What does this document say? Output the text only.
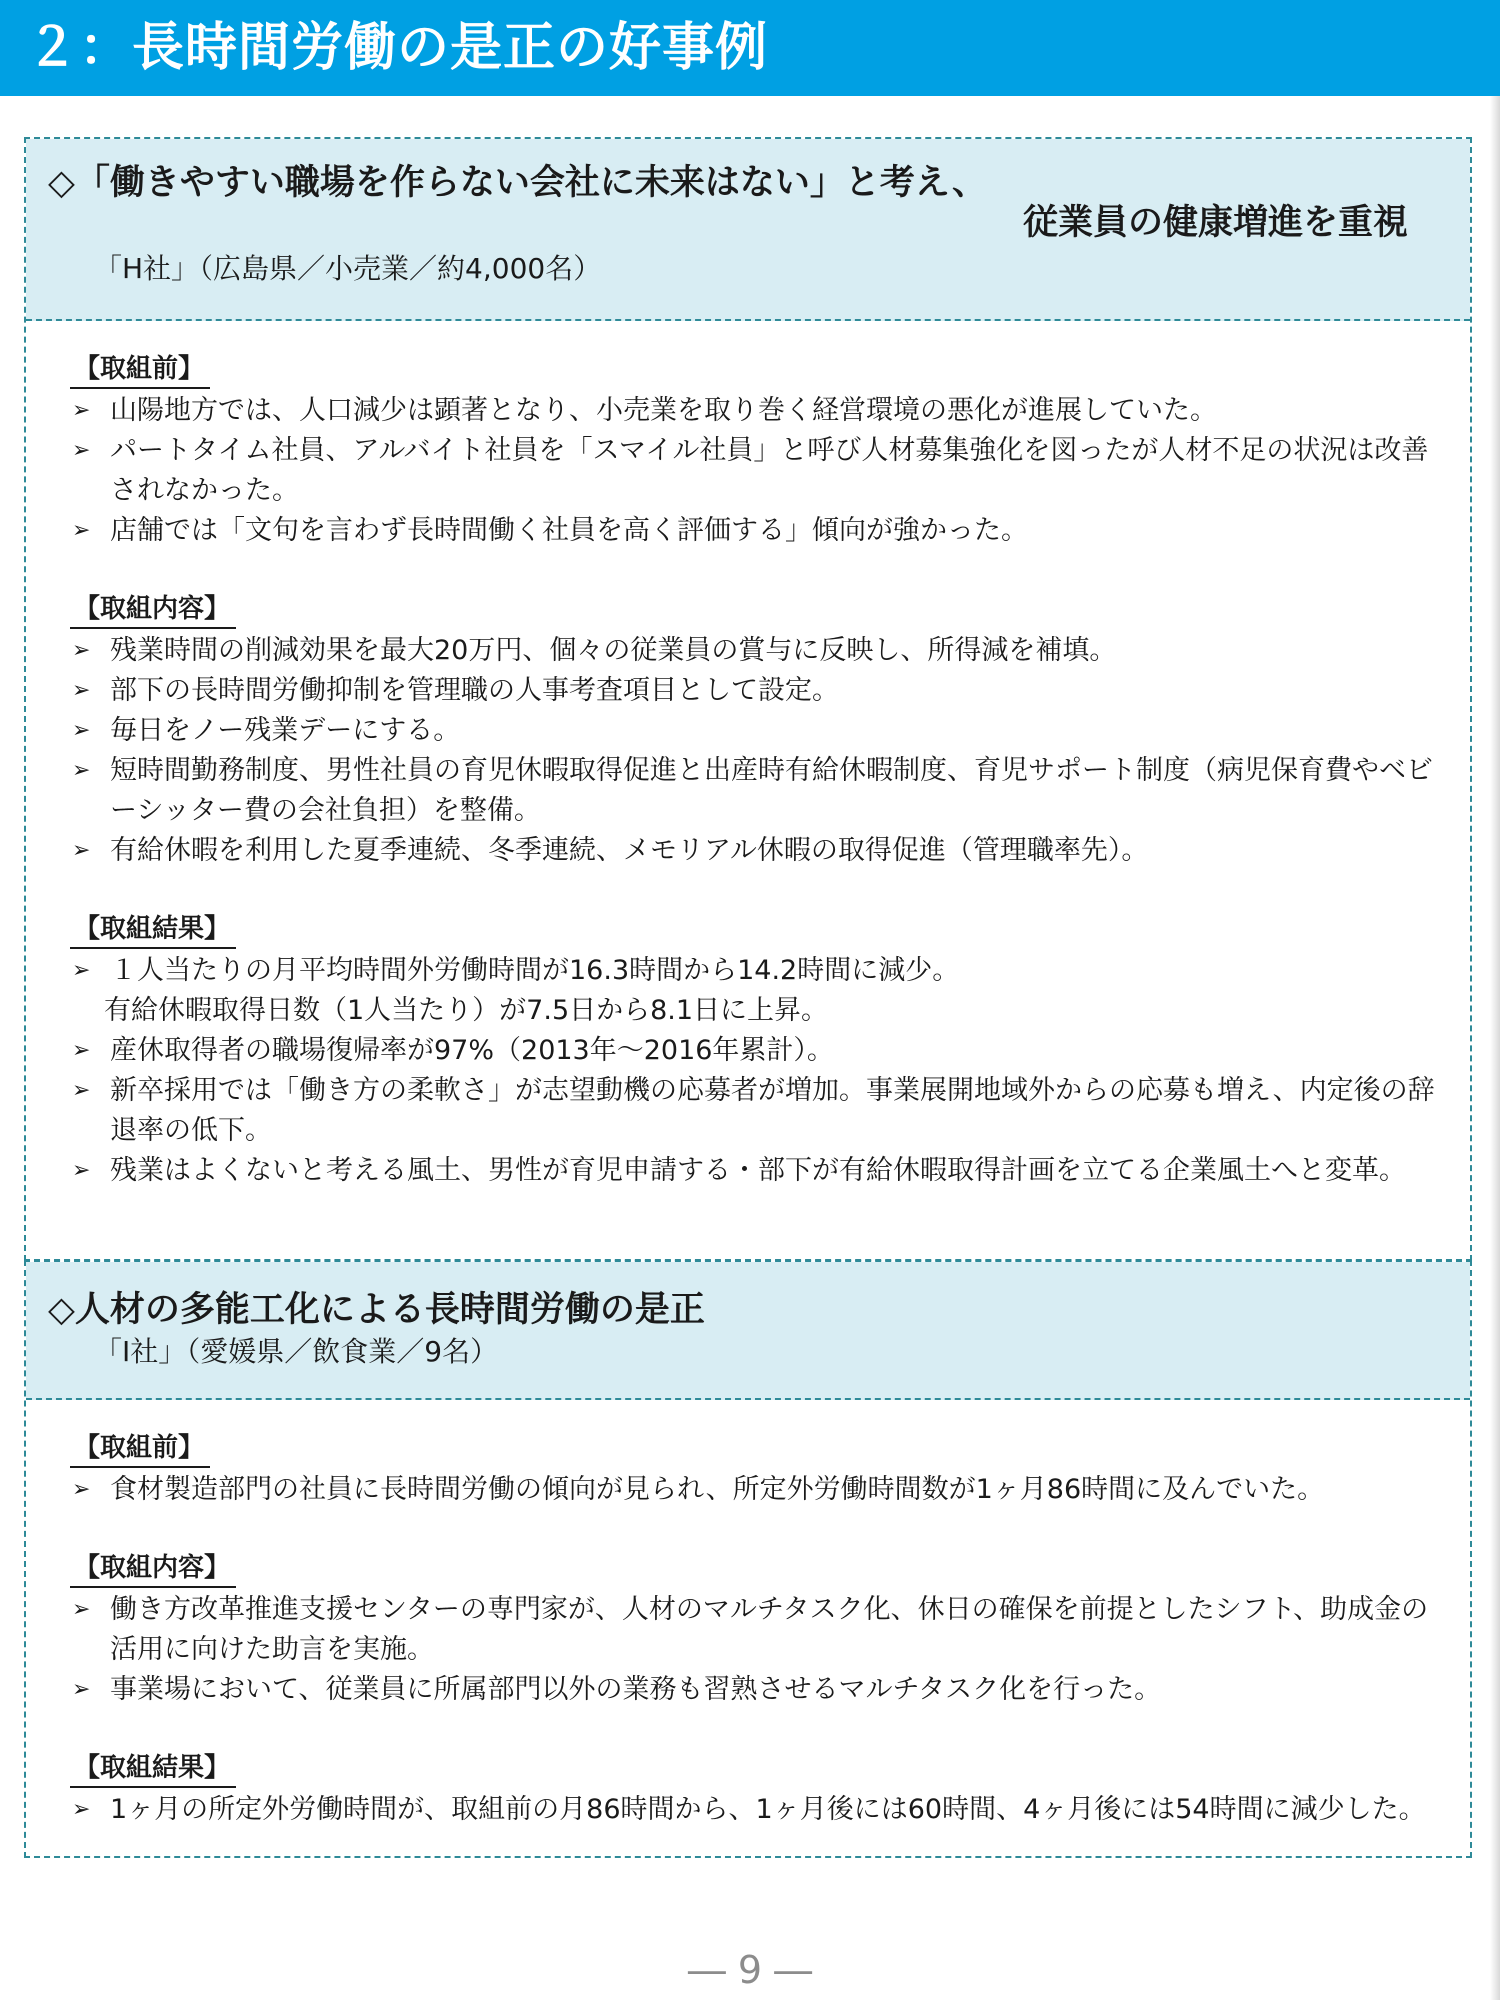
２：長時間労働の是正の好事例
◇「働きやすい職場を作らない会社に未来はない」と考え、
従業員の健康増進を重視
「H社」（広島県／小売業／約4,000名）
【取組前】
➢ 山陽地方では、人口減少は顕著となり、小売業を取り巻く経営環境の悪化が進展していた。
➢ パートタイム社員、アルバイト社員を「スマイル社員」と呼び人材募集強化を図ったが人材不足の状況は改善されなかった。
➢ 店舗では「文句を言わず長時間働く社員を高く評価する」傾向が強かった。
【取組内容】
➢ 残業時間の削減効果を最大20万円、個々の従業員の賞与に反映し、所得減を補填。
➢ 部下の長時間労働抑制を管理職の人事考査項目として設定。
➢ 毎日をノー残業デーにする。
➢ 短時間勤務制度、男性社員の育児休暇取得促進と出産時有給休暇制度、育児サポート制度（病児保育費やベビーシッター費の会社負担）を整備。
➢ 有給休暇を利用した夏季連続、冬季連続、メモリアル休暇の取得促進（管理職率先）。
【取組結果】
➢ １人当たりの月平均時間外労働時間が16.3時間から14.2時間に減少。
有給休暇取得日数（1人当たり）が7.5日から8.1日に上昇。
➢ 産休取得者の職場復帰率が97%（2013年～2016年累計）。
➢ 新卒採用では「働き方の柔軟さ」が志望動機の応募者が増加。事業展開地域外からの応募も増え、内定後の辞退率の低下。
➢ 残業はよくないと考える風土、男性が育児申請する・部下が有給休暇取得計画を立てる企業風土へと変革。
◇人材の多能工化による長時間労働の是正
「I社」（愛媛県／飲食業／9名）
【取組前】
➢ 食材製造部門の社員に長時間労働の傾向が見られ、所定外労働時間数が1ヶ月86時間に及んでいた。
【取組内容】
➢ 働き方改革推進支援センターの専門家が、人材のマルチタスク化、休日の確保を前提としたシフト、助成金の活用に向けた助言を実施。
➢ 事業場において、従業員に所属部門以外の業務も習熟させるマルチタスク化を行った。
【取組結果】
➢ 1ヶ月の所定外労働時間が、取組前の月86時間から、1ヶ月後には60時間、4ヶ月後には54時間に減少した。
― 9 ―
